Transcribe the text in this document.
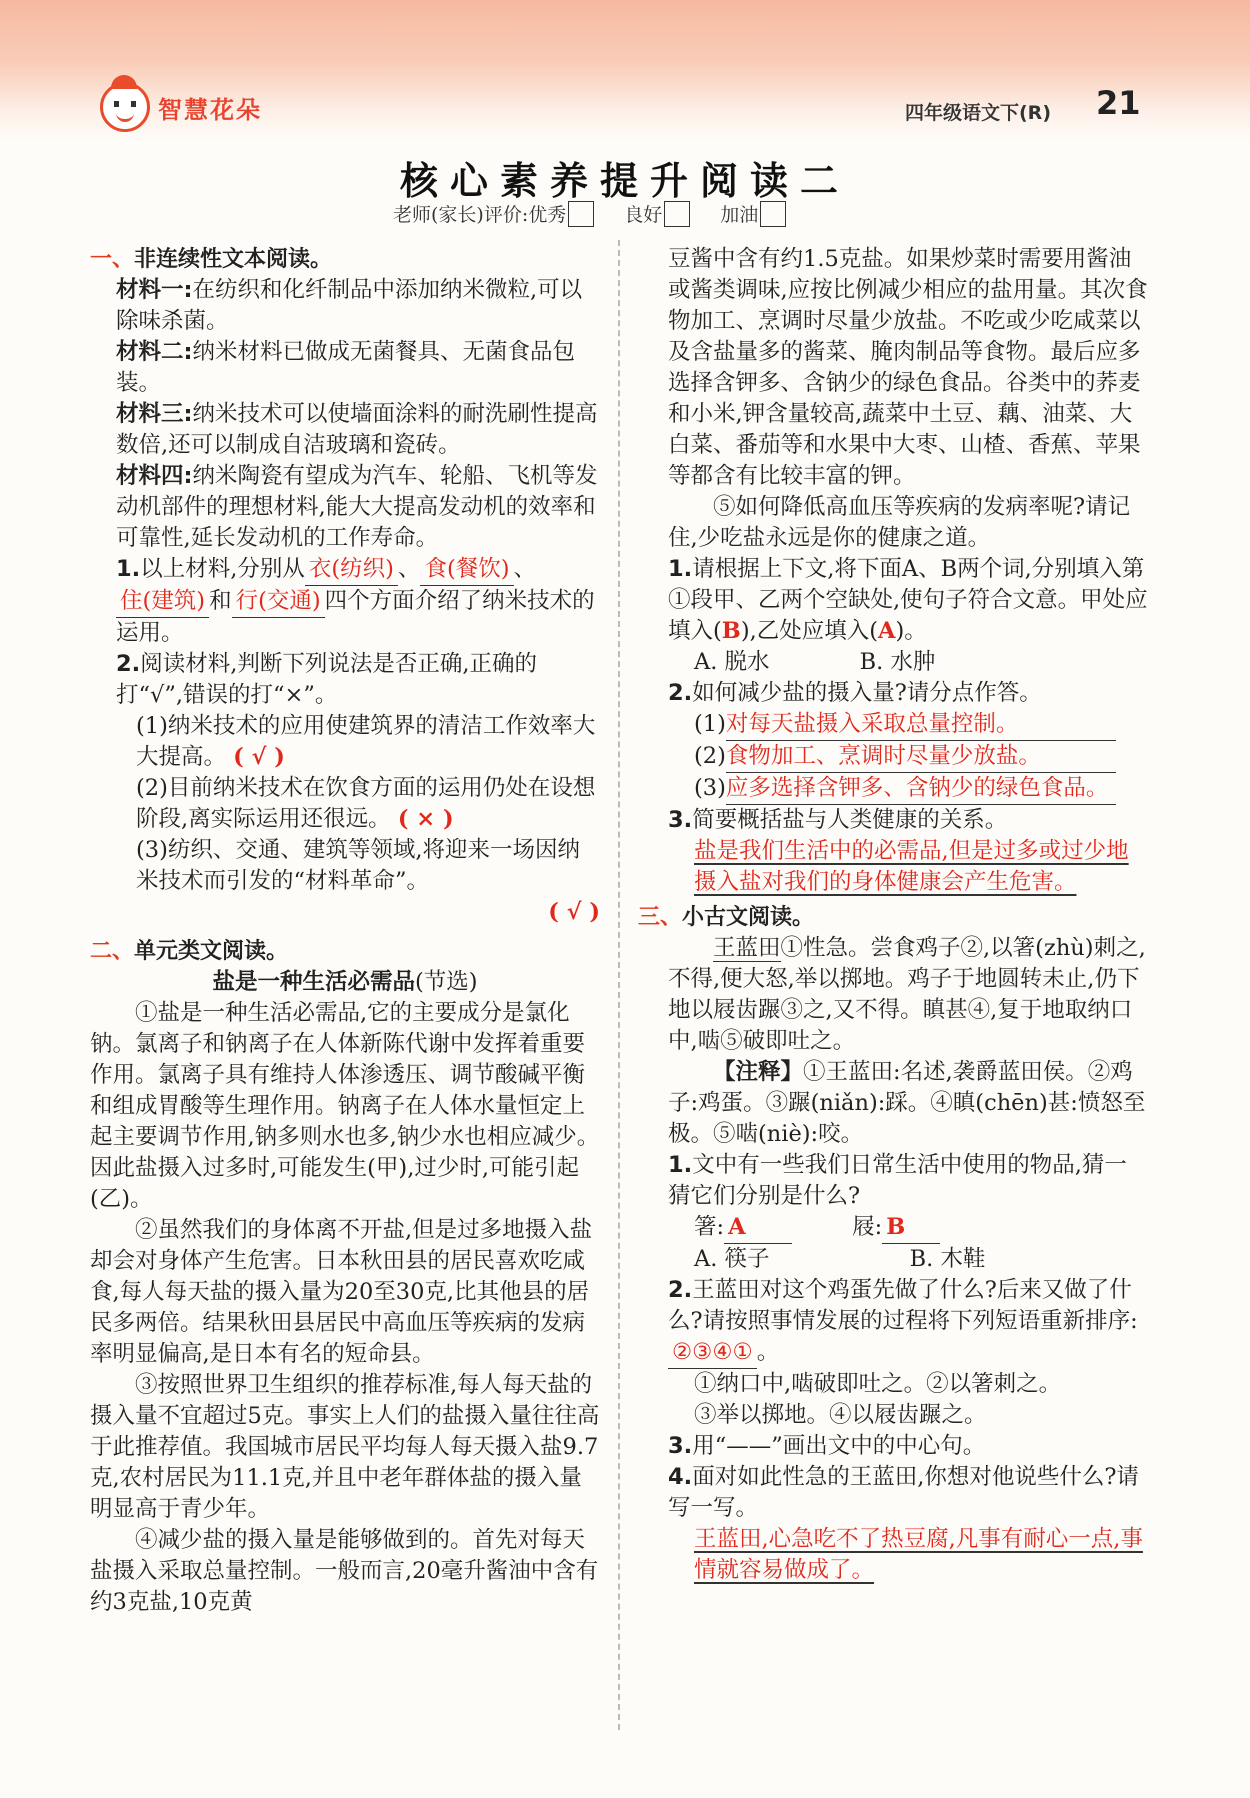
智慧花朵	四年级语文下(R) 21
核心素养提升阅读二
老师(家长)评价: 优秀	良好	加油
一、非连续性文本阅读。
材料一:在纺织和化纤制品中添加纳米微粒,可以除味杀菌。
材料二:纳米材料已做成无菌餐具、无菌食品包装。
材料三:纳米技术可以使墙面涂料的耐洗刷性提高数倍,还可以制成自洁玻璃和瓷砖。
材料四:纳米陶瓷有望成为汽车、轮船、飞机等发动机部件的理想材料,能大大提高发动机的效率和可靠性,延长发动机的工作寿命。
1.以上材料,分别从 衣(纺织) 、 食(餐饮) 、住(建筑) 和 行(交通) 四个方面介绍了纳米技术的运用。
2.阅读材料,判断下列说法是否正确,正确的打“√”,错误的打“×”。
(1)纳米技术的应用使建筑界的清洁工作效率大大提高。 ( √ )
(2)目前纳米技术在饮食方面的运用仍处在设想阶段,离实际运用还很远。 ( × )
(3)纺织、交通、建筑等领域,将迎来一场因纳米技术而引发的“材料革命”。
( √ )
二、单元类文阅读。
盐是一种生活必需品(节选)

①盐是一种生活必需品,它的主要成分是氯化钠。氯离子和钠离子在人体新陈代谢中发挥着重要作用。氯离子具有维持人体渗透压、调节酸碱平衡和组成胃酸等生理作用。钠离子在人体水量恒定上起主要调节作用,钠多则水也多,钠少水也相应减少。因此盐摄入过多时,可能发生(甲),过少时,可能引起(乙)。

②虽然我们的身体离不开盐,但是过多地摄入盐却会对身体产生危害。日本秋田县的居民喜欢吃咸食,每人每天盐的摄入量为20至30克,比其他县的居民多两倍。结果秋田县居民中高血压等疾病的发病率明显偏高,是日本有名的短命县。

③按照世界卫生组织的推荐标准,每人每天盐的摄入量不宜超过5克。事实上人们的盐摄入量往往高于此推荐值。我国城市居民平均每人每天摄入盐9.7克,农村居民为11.1克,并且中老年群体盐的摄入量明显高于青少年。

④减少盐的摄入量是能够做到的。首先对每天盐摄入采取总量控制。一般而言,20毫升酱油中含有约3克盐,10克黄

豆酱中含有约1.5克盐。如果炒菜时需要用酱油或酱类调味,应按比例减少相应的盐用量。其次食物加工、烹调时尽量少放盐。不吃或少吃咸菜以及含盐量多的酱菜、腌肉制品等食物。最后应多选择含钾多、含钠少的绿色食品。谷类中的荞麦和小米,钾含量较高,蔬菜中土豆、藕、油菜、大白菜、番茄等和水果中大枣、山楂、香蕉、苹果等都含有比较丰富的钾。

⑤如何降低高血压等疾病的发病率呢?请记住,少吃盐永远是你的健康之道。

1.请根据上下文,将下面A、B两个词,分别填入第①段甲、乙两个空缺处,使句子符合文意。甲处应填入(B),乙处应填入(A)。
A. 脱水	B. 水肿
2.如何减少盐的摄入量?请分点作答。
(1)对每天盐摄入采取总量控制。
(2)食物加工、烹调时尽量少放盐。
(3)应多选择含钾多、含钠少的绿色食品。
3.简要概括盐与人类健康的关系。
盐是我们生活中的必需品,但是过多或过少地摄入盐对我们的身体健康会产生危害。
三、小古文阅读。

王蓝田①性急。尝食鸡子②,以箸(zhù)刺之,不得,便大怒,举以掷地。鸡子于地圆转未止,仍下地以屐齿蹍③之,又不得。瞋甚④,复于地取纳口中,啮⑤破即吐之。

【注释】①王蓝田:名述,袭爵蓝田侯。②鸡子:鸡蛋。③蹍(niǎn):踩。④瞋(chēn)甚:愤怒至极。⑤啮(niè):咬。

1.文中有一些我们日常生活中使用的物品,猜一猜它们分别是什么?
箸: A	屐: B
A. 筷子	B. 木鞋
2.王蓝田对这个鸡蛋先做了什么?后来又做了什么?请按照事情发展的过程将下列短语重新排序:②③④① 。
①纳口中,啮破即吐之。②以箸刺之。
③举以掷地。④以屐齿蹍之。
3.用“——”画出文中的中心句。
4.面对如此性急的王蓝田,你想对他说些什么?请写一写。
王蓝田,心急吃不了热豆腐,凡事有耐心一点,事情就容易做成了。
